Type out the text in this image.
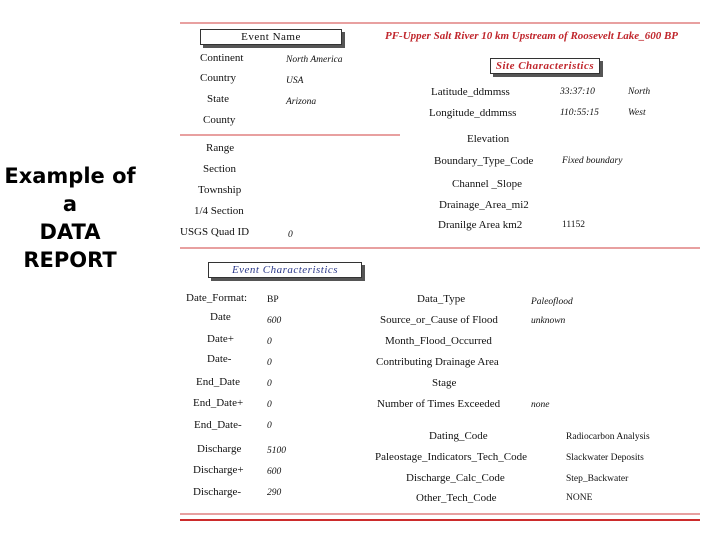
Example of
a
DATA
REPORT
Event Name	PF-Upper Salt River 10 km Upstream of Roosevelt Lake_600 BP
Site Characteristics
Event Characteristics
Continent	North America
Country	USA
State	Arizona
County
Range
Section
Township
1/4 Section
USGS Quad ID	0
Latitude_ddmmss	33:37:10	North
Longitude_ddmmss	110:55:15	West
Elevation
Boundary_Type_Code	Fixed boundary
Channel _Slope
Drainage_Area_mi2
Dranilge Area km2	11152
Date_Format: BP
Date	600
Date+	0
Date-	0
End_Date	0
End_Date+	0
End_Date-	0
Discharge	5100
Discharge+ 600
Discharge-	290
Data_Type	Paleoflood
Source_or_Cause of Flood	unknown
Month_Flood_Occurred
Contributing Drainage Area
Stage
Number of Times Exceeded	none
Dating_Code	Radiocarbon Analysis
Paleostage_Indicators_Tech_Code	Slackwater Deposits
Discharge_Calc_Code	Step_Backwater
Other_Tech_Code	NONE
